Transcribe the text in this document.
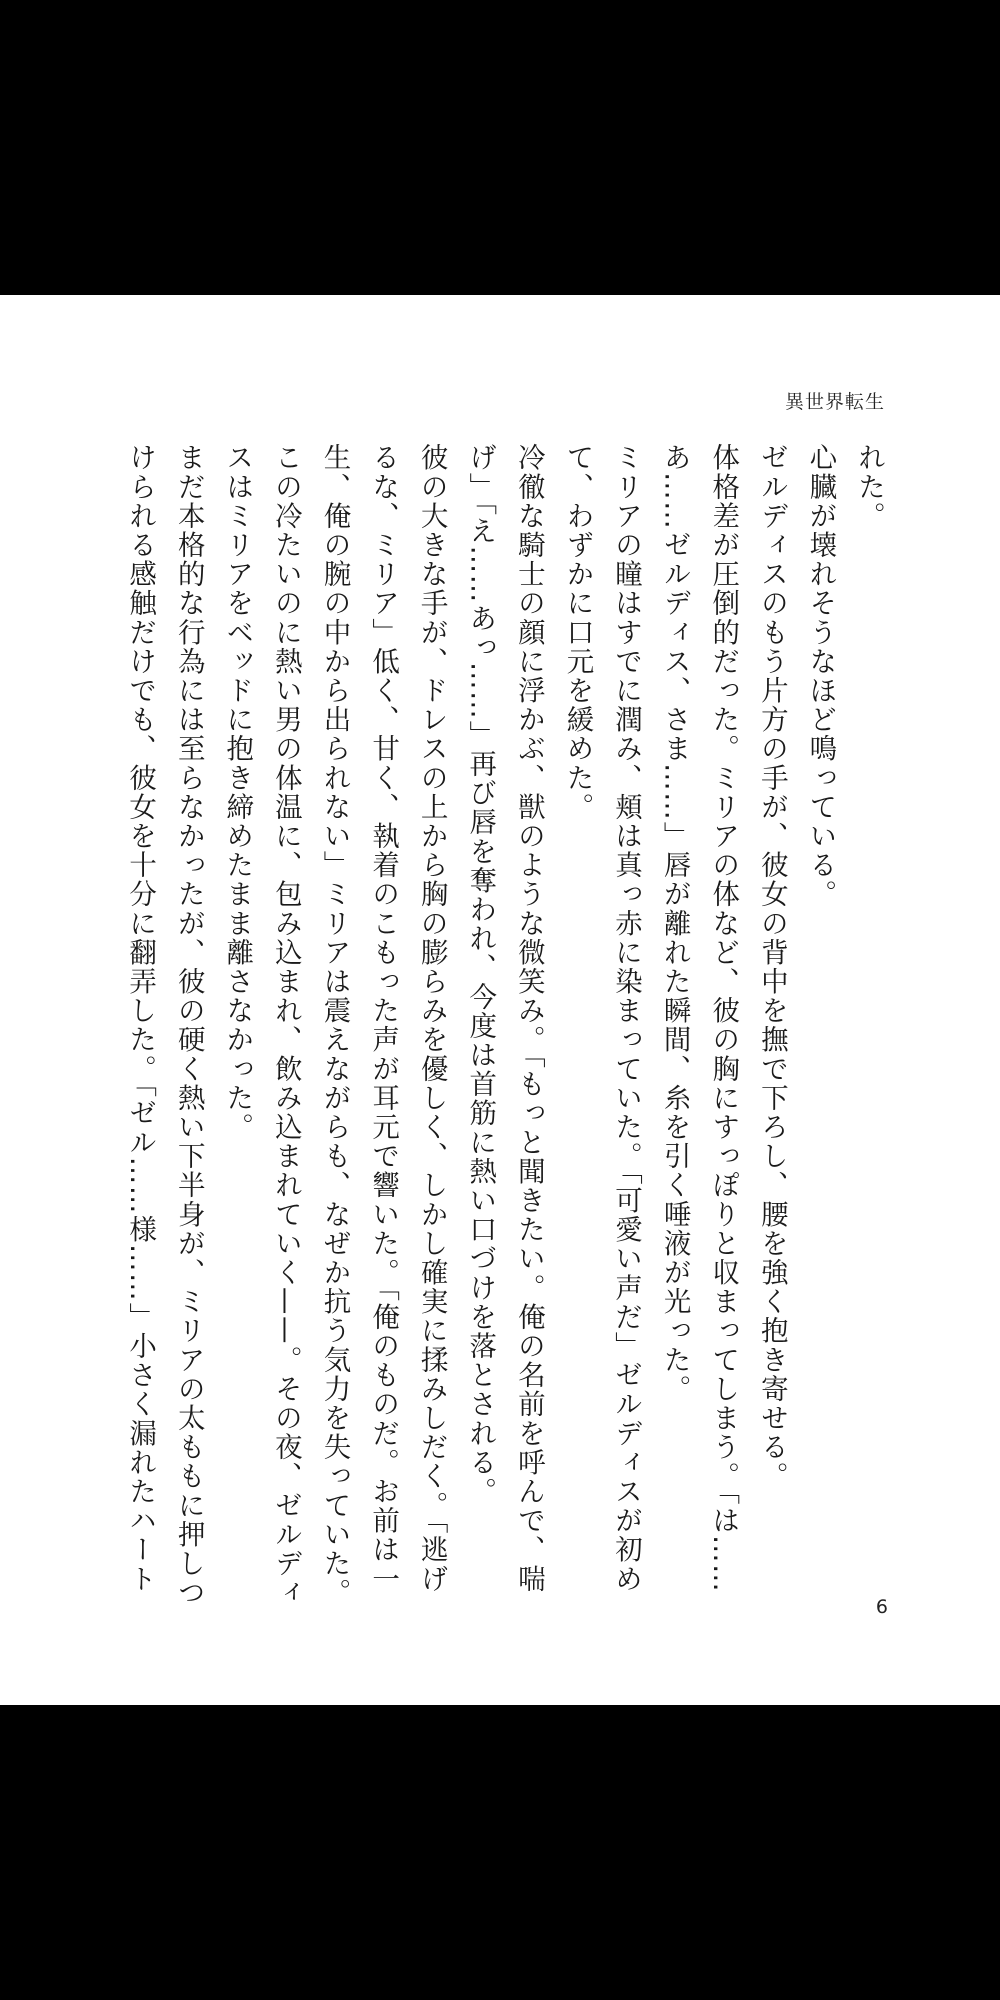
異世界転生
れた。
心臓が壊れそうなほど鳴っている。
ゼルディスのもう片方の手が、彼女の背中を撫で下ろし、腰を強く抱き寄せる。
体格差が圧倒的だった。ミリアの体など、彼の胸にすっぽりと収まってしまう。「は……
あ……ゼルディス、さま……」唇が離れた瞬間、糸を引く唾液が光った。
ミリアの瞳はすでに潤み、頬は真っ赤に染まっていた。「可愛い声だ」ゼルディスが初め
て、わずかに口元を緩めた。
冷徹な騎士の顔に浮かぶ、獣のような微笑み。「もっと聞きたい。俺の名前を呼んで、喘
げ」「え……あっ……」再び唇を奪われ、今度は首筋に熱い口づけを落とされる。
彼の大きな手が、ドレスの上から胸の膨らみを優しく、しかし確実に揉みしだく。「逃げ
るな、ミリア」低く、甘く、執着のこもった声が耳元で響いた。「俺のものだ。お前は一
生、俺の腕の中から出られない」ミリアは震えながらも、なぜか抗う気力を失っていた。
この冷たいのに熱い男の体温に、包み込まれ、飲み込まれていく——。その夜、ゼルディ
スはミリアをベッドに抱き締めたまま離さなかった。
まだ本格的な行為には至らなかったが、彼の硬く熱い下半身が、ミリアの太ももに押しつ
けられる感触だけでも、彼女を十分に翻弄した。「ゼル……様……」小さく漏れたハート
6
